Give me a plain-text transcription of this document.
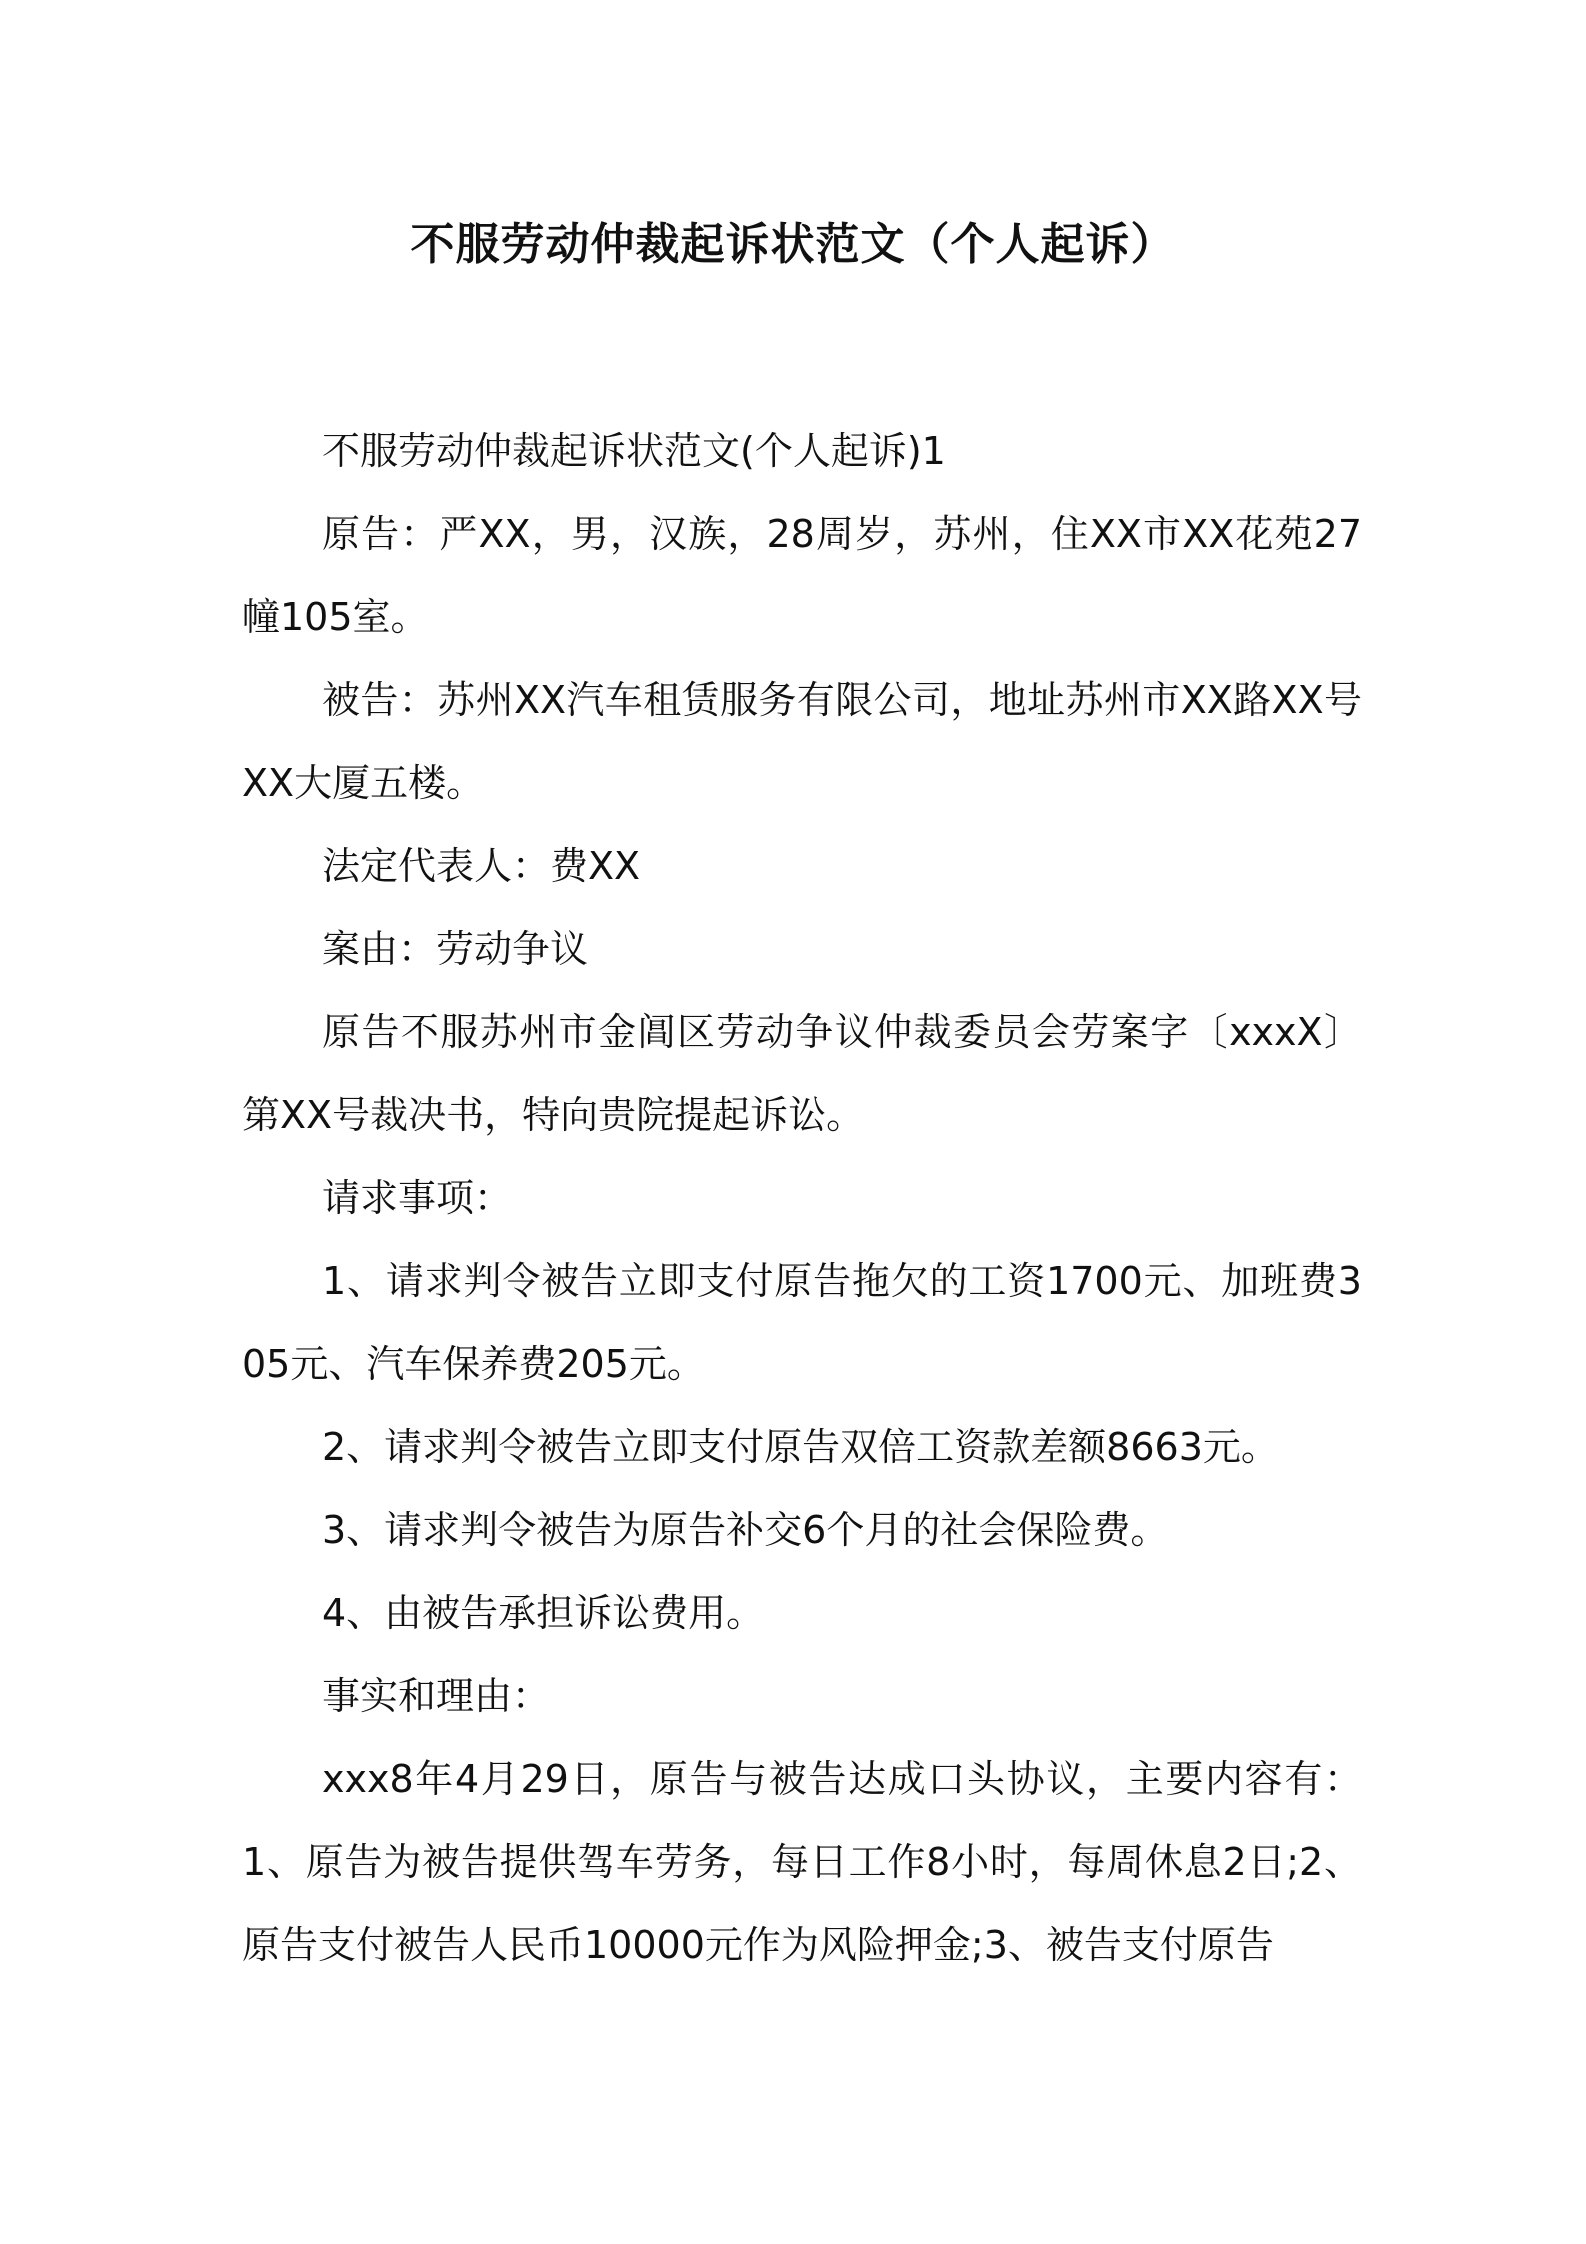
不服劳动仲裁起诉状范文（个人起诉）

不服劳动仲裁起诉状范文(个人起诉)1

原告：严XX，男，汉族，28周岁，苏州，住XX市XX花苑27幢105室。

被告：苏州XX汽车租赁服务有限公司，地址苏州市XX路XX号XX大厦五楼。

法定代表人：费XX

案由：劳动争议

原告不服苏州市金阊区劳动争议仲裁委员会劳案字〔xxxX〕第XX号裁决书，特向贵院提起诉讼。

请求事项：

1、请求判令被告立即支付原告拖欠的工资1700元、加班费305元、汽车保养费205元。

2、请求判令被告立即支付原告双倍工资款差额8663元。

3、请求判令被告为原告补交6个月的社会保险费。

4、由被告承担诉讼费用。

事实和理由：

xxx8年4月29日，原告与被告达成口头协议，主要内容有：1、原告为被告提供驾车劳务，每日工作8小时，每周休息2日;2、原告支付被告人民币10000元作为风险押金;3、被告支付原告
